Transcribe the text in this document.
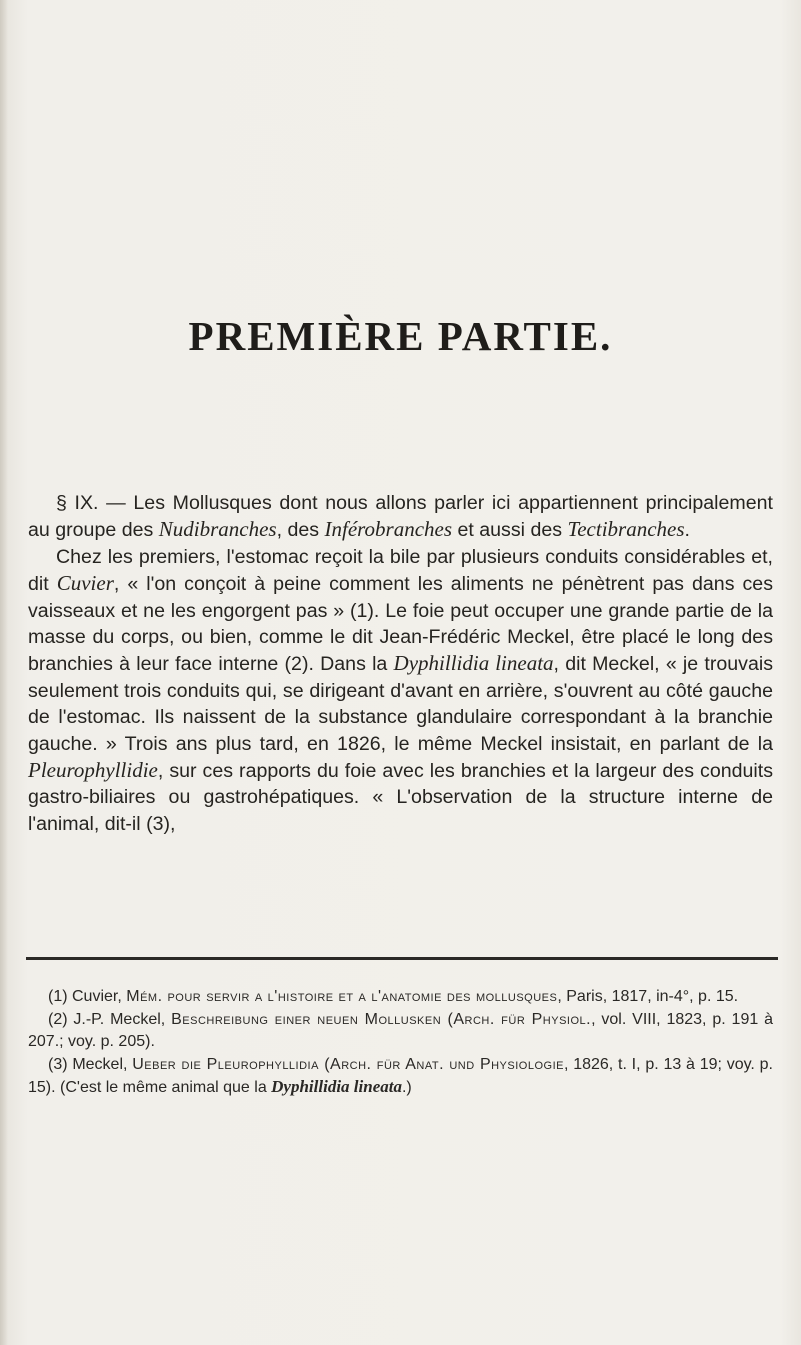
PREMIÈRE PARTIE.

§ IX. — Les Mollusques dont nous allons parler ici appartiennent principalement au groupe des Nudibranches, des Inférobranches et aussi des Tectibranches.

Chez les premiers, l'estomac reçoit la bile par plusieurs conduits considérables et, dit Cuvier, « l'on conçoit à peine comment les aliments ne pénètrent pas dans ces vaisseaux et ne les engorgent pas » (1). Le foie peut occuper une grande partie de la masse du corps, ou bien, comme le dit Jean-Frédéric Meckel, être placé le long des branchies à leur face interne (2). Dans la Dyphillidia lineata, dit Meckel, « je trouvais seulement trois conduits qui, se dirigeant d'avant en arrière, s'ouvrent au côté gauche de l'estomac. Ils naissent de la substance glandulaire correspondant à la branchie gauche. » Trois ans plus tard, en 1826, le même Meckel insistait, en parlant de la Pleurophyllidie, sur ces rapports du foie avec les branchies et la largeur des conduits gastro-biliaires ou gastrohépatiques. « L'observation de la structure interne de l'animal, dit-il (3),

(1) Cuvier, Mém. pour servir a l'histoire et a l'anatomie des mollusques, Paris, 1817, in-4°, p. 15.

(2) J.-P. Meckel, Beschreibung einer neuen Mollusken (Arch. für Physiol., vol. VIII, 1823, p. 191 à 207.; voy. p. 205).

(3) Meckel, Ueber die Pleurophyllidia (Arch. für Anat. und Physiologie, 1826, t. I, p. 13 à 19; voy. p. 15). (C'est le même animal que la Dyphillidia lineata.)
